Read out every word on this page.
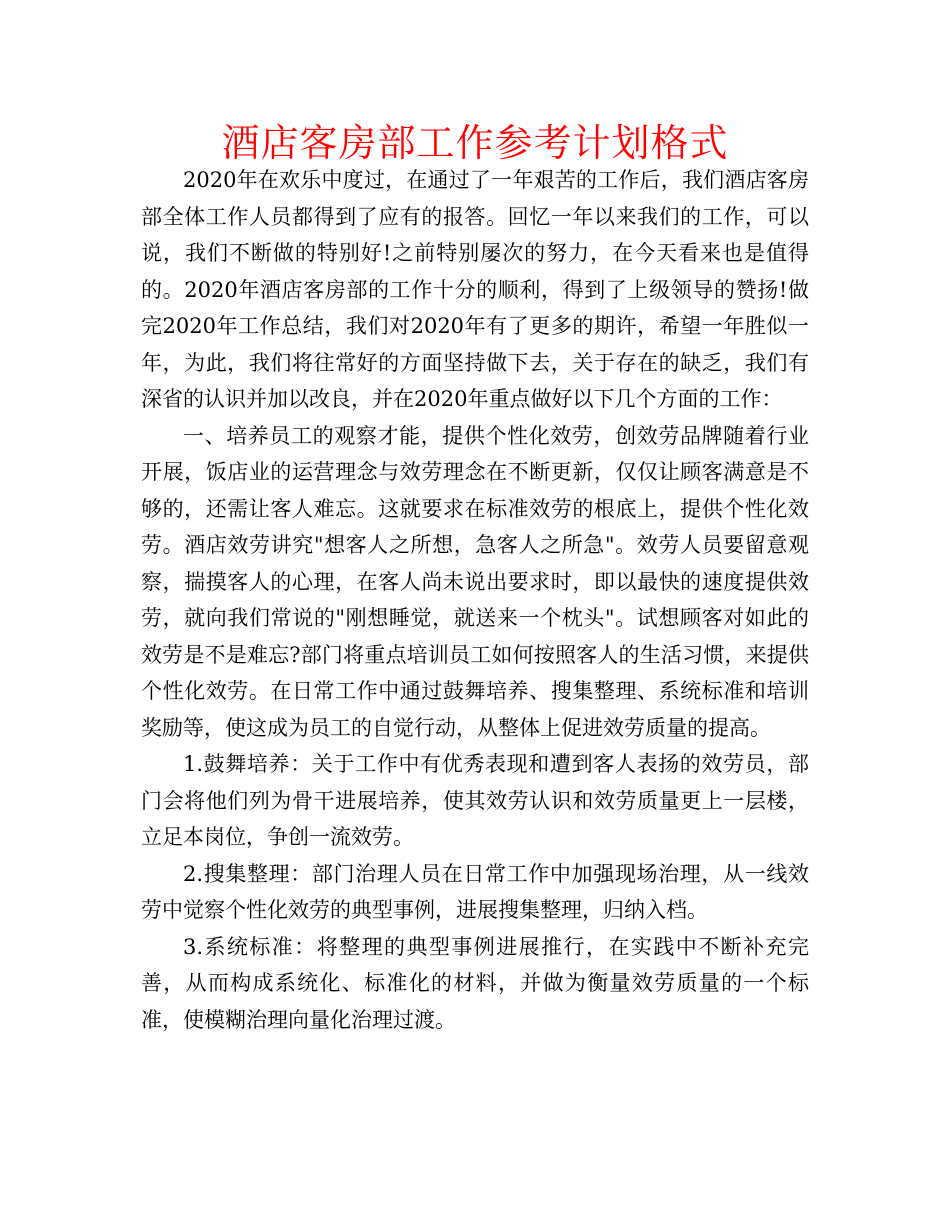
酒店客房部工作参考计划格式

2020年在欢乐中度过，在通过了一年艰苦的工作后，我们酒店客房部全体工作人员都得到了应有的报答。回忆一年以来我们的工作，可以说，我们不断做的特别好!之前特别屡次的努力，在今天看来也是值得的。2020年酒店客房部的工作十分的顺利，得到了上级领导的赞扬!做完2020年工作总结，我们对2020年有了更多的期许，希望一年胜似一年，为此，我们将往常好的方面坚持做下去，关于存在的缺乏，我们有深省的认识并加以改良，并在2020年重点做好以下几个方面的工作：

一、培养员工的观察才能，提供个性化效劳，创效劳品牌随着行业开展，饭店业的运营理念与效劳理念在不断更新，仅仅让顾客满意是不够的，还需让客人难忘。这就要求在标准效劳的根底上，提供个性化效劳。酒店效劳讲究"想客人之所想，急客人之所急"。效劳人员要留意观察，揣摸客人的心理，在客人尚未说出要求时，即以最快的速度提供效劳，就向我们常说的"刚想睡觉，就送来一个枕头"。试想顾客对如此的效劳是不是难忘?部门将重点培训员工如何按照客人的生活习惯，来提供个性化效劳。在日常工作中通过鼓舞培养、搜集整理、系统标准和培训奖励等，使这成为员工的自觉行动，从整体上促进效劳质量的提高。

1.鼓舞培养：关于工作中有优秀表现和遭到客人表扬的效劳员，部门会将他们列为骨干进展培养，使其效劳认识和效劳质量更上一层楼，立足本岗位，争创一流效劳。

2.搜集整理：部门治理人员在日常工作中加强现场治理，从一线效劳中觉察个性化效劳的典型事例，进展搜集整理，归纳入档。

3.系统标准：将整理的典型事例进展推行，在实践中不断补充完善，从而构成系统化、标准化的材料，并做为衡量效劳质量的一个标准，使模糊治理向量化治理过渡。
